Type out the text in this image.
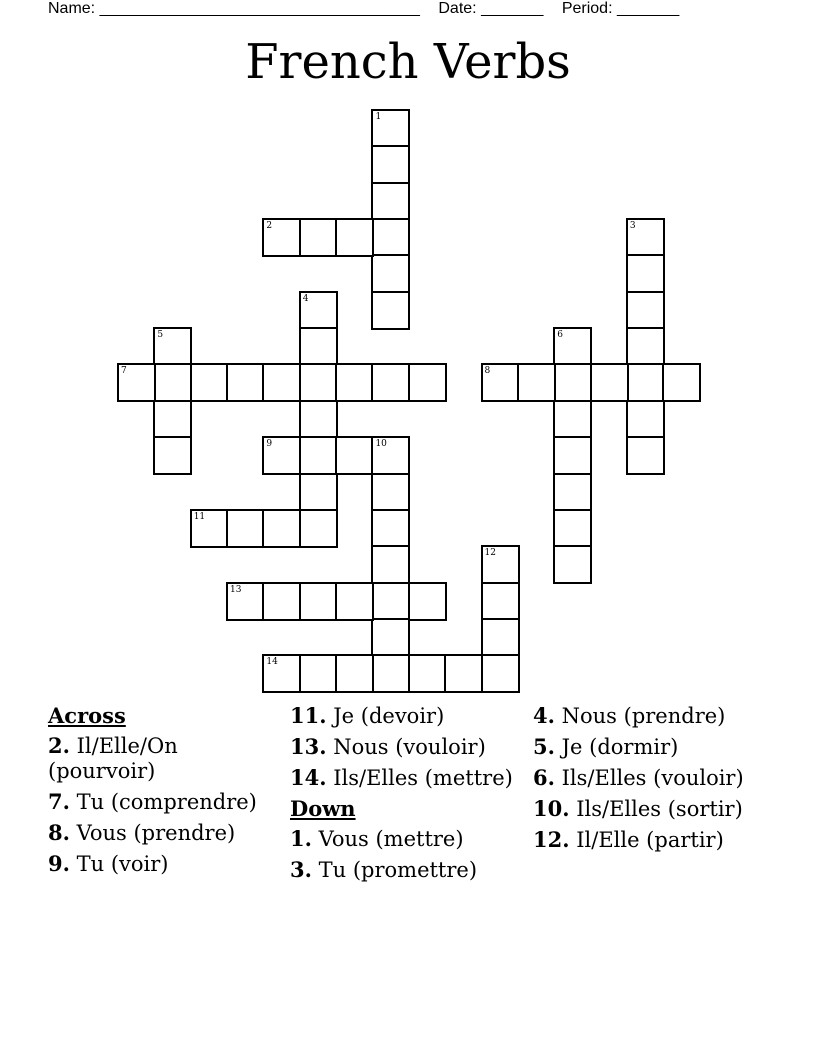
Name: ____________________________________ Date: _______ Period: _______
French Verbs
1
2	3
4
5	6
7	8
9	10
11
12
13
14
Across
2. Il/Elle/On (pourvoir)
7. Tu (comprendre)
8. Vous (prendre)
9. Tu (voir)
11. Je (devoir)
13. Nous (vouloir)
14. Ils/Elles (mettre)
Down
1. Vous (mettre)
3. Tu (promettre)
4. Nous (prendre)
5. Je (dormir)
6. Ils/Elles (vouloir)
10. Ils/Elles (sortir)
12. Il/Elle (partir)
